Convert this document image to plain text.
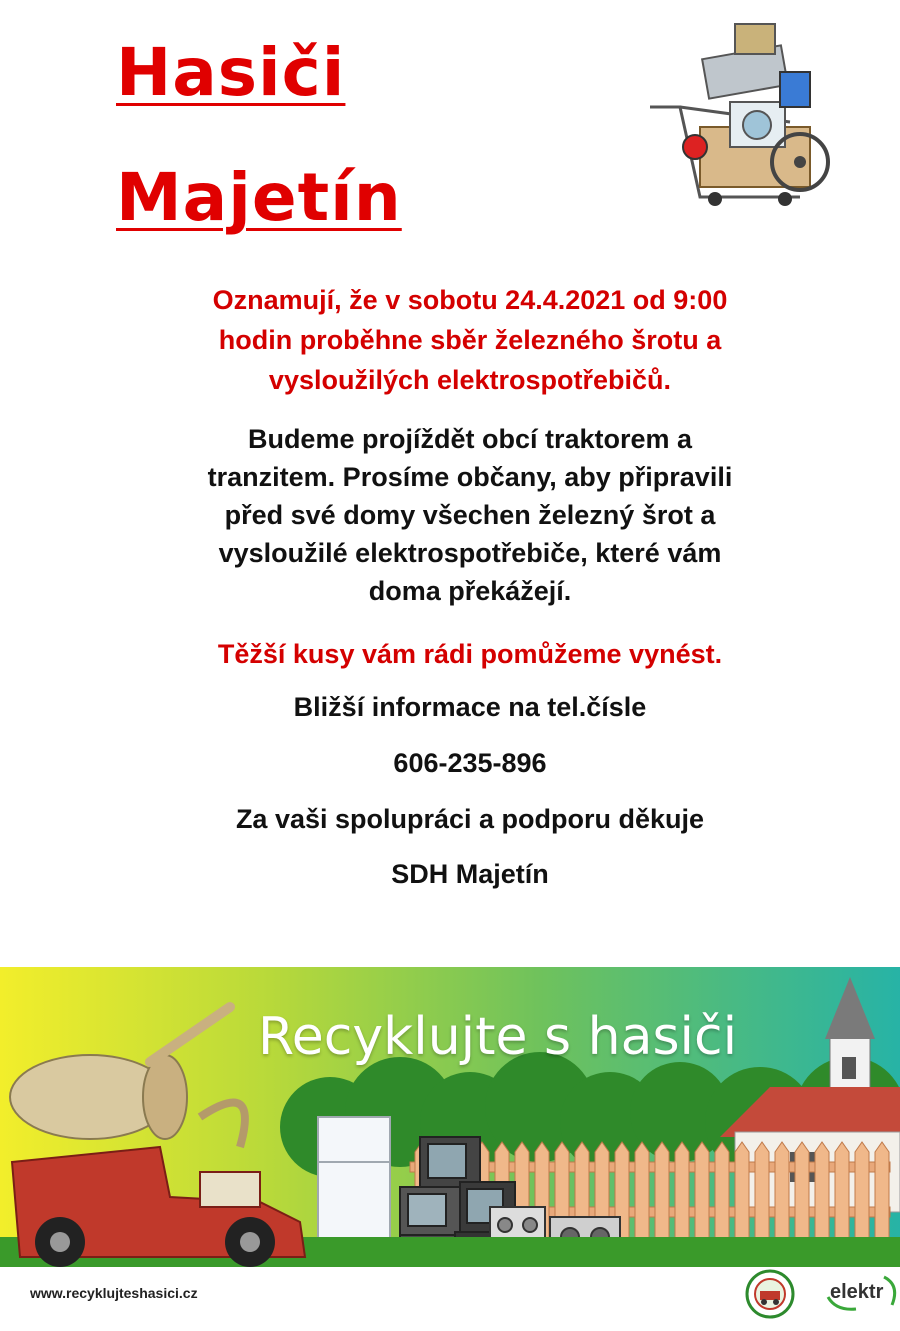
Hasiči
Majetín

Oznamují, že v sobotu 24.4.2021 od 9:00
hodin proběhne sběr železného šrotu a
vysloužilých elektrospotřebičů.

Budeme projíždět obcí traktorem a
tranzitem. Prosíme občany, aby připravili
před své domy všechen železný šrot a
vysloužilé elektrospotřebiče, které vám
doma překážejí.

Těžší kusy vám rádi pomůžeme vynést.

Bližší informace na tel.čísle

606-235-896

Za vaši spolupráci a podporu děkuje

SDH Majetín

Recyklujte s hasiči
www.recyklujteshasici.cz	elektr
